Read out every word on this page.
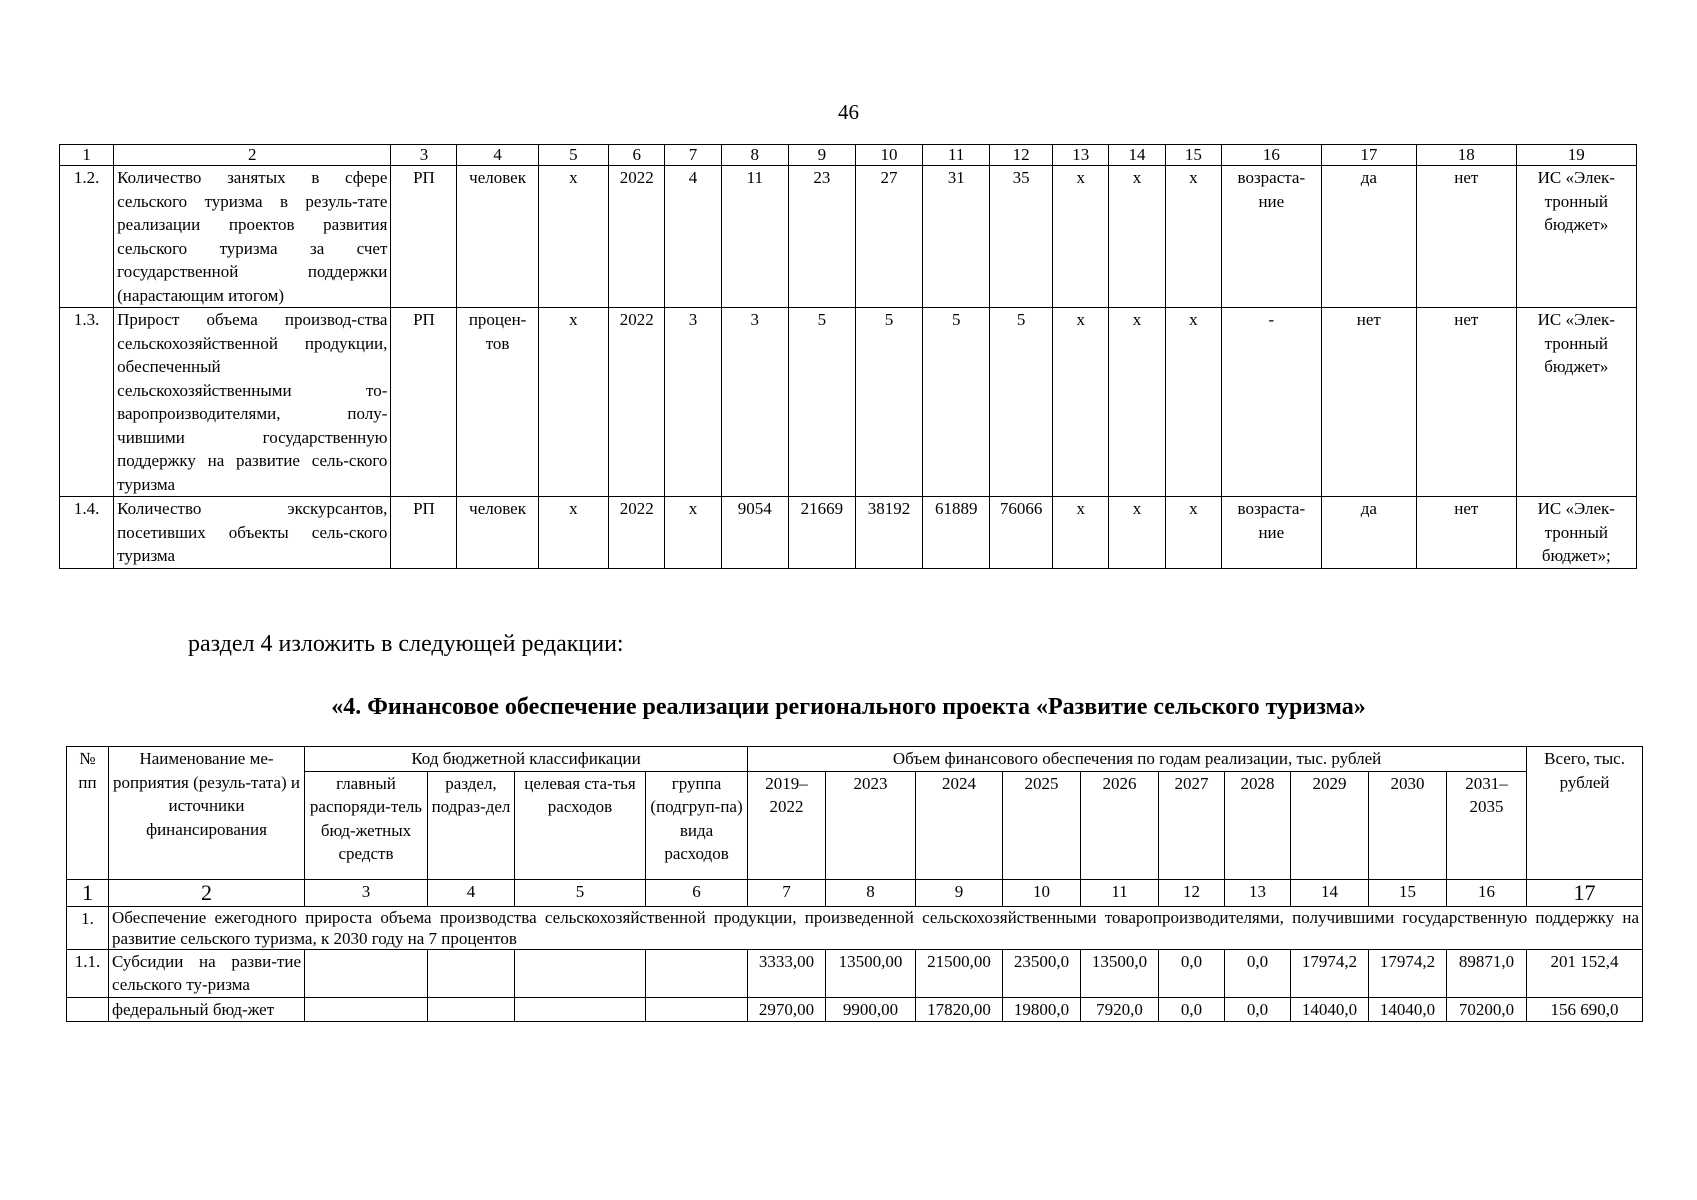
46
1	2	3	4	5	6	7	8	9	10	11	12	13	14	15	16	17	18	19
1.2.	Количество занятых в сфере сельского туризма в резуль-тате реализации проектов развития сельского туризма за счет государственной поддержки (нарастающим итогом)	РП	человек	х	2022	4	11	23	27	31	35	х	х	х	возраста-ние	да	нет	ИС «Элек-тронный бюджет»
1.3.	Прирост объема производ-ства сельскохозяйственной продукции, обеспеченный сельскохозяйственными то-варопроизводителями, полу-чившими государственную поддержку на развитие сель-ского туризма	РП	процен-тов	х	2022	3	3	5	5	5	5	х	х	х	-	нет	нет	ИС «Элек-тронный бюджет»
1.4.	Количество экскурсантов, посетивших объекты сель-ского туризма	РП	человек	х	2022	х	9054	21669	38192	61889	76066	х	х	х	возраста-ние	да	нет	ИС «Элек-тронный бюджет»;
раздел 4 изложить в следующей редакции:
«4. Финансовое обеспечение реализации регионального проекта «Развитие сельского туризма»
№ пп	Наименование ме-роприятия (резуль-тата) и источники финансирования	Код бюджетной классификации				Объем финансового обеспечения по годам реализации, тыс. рублей										Всего, тыс. рублей
		главный распоряди-тель бюд-жетных средств	раздел, подраз-дел	целевая ста-тья расходов	группа (подгруп-па) вида расходов	2019–2022	2023	2024	2025	2026	2027	2028	2029	2030	2031–2035	
1	2	3	4	5	6	7	8	9	10	11	12	13	14	15	16	17
1.	Обеспечение ежегодного прироста объема производства сельскохозяйственной продукции, произведенной сельскохозяйственными товаропроизводителями, получившими государственную поддержку на развитие сельского туризма, к 2030 году на 7 процентов															
1.1.	Субсидии на разви-тие сельского ту-ризма					3333,00	13500,00	21500,00	23500,0	13500,0	0,0	0,0	17974,2	17974,2	89871,0	201 152,4
	федеральный бюд-жет					2970,00	9900,00	17820,00	19800,0	7920,0	0,0	0,0	14040,0	14040,0	70200,0	156 690,0
